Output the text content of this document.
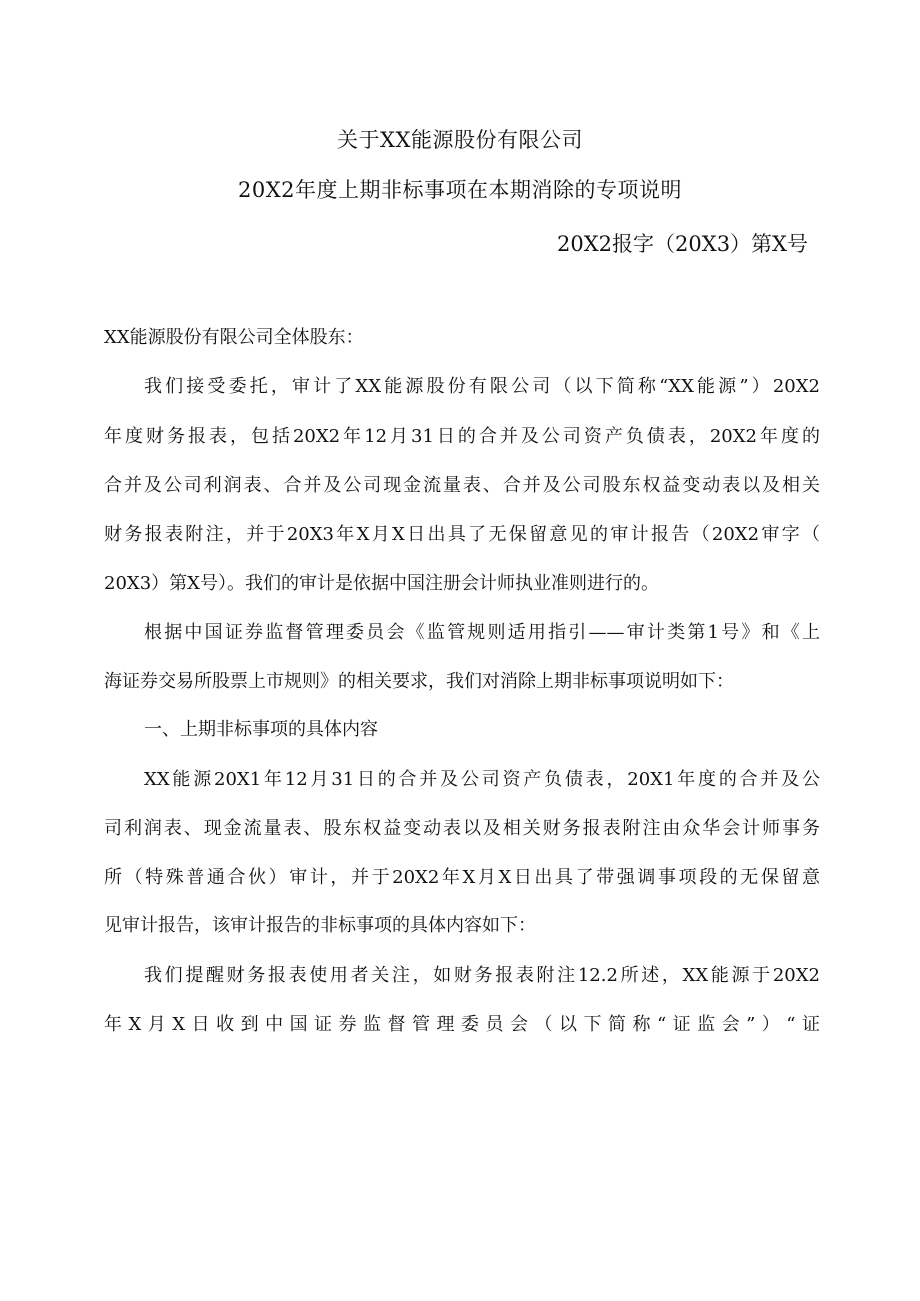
关于XX能源股份有限公司
20X2年度上期非标事项在本期消除的专项说明
20X2报字（20X3）第X号
XX能源股份有限公司全体股东：
我们接受委托，审计了XX能源股份有限公司（以下简称“XX能源”）20X2
年度财务报表，包括20X2年12月31日的合并及公司资产负债表，20X2年度的
合并及公司利润表、合并及公司现金流量表、合并及公司股东权益变动表以及相关
财务报表附注，并于20X3年X月X日出具了无保留意见的审计报告（20X2审字（
20X3）第X号）。我们的审计是依据中国注册会计师执业准则进行的。
根据中国证券监督管理委员会《监管规则适用指引——审计类第1号》和《上
海证券交易所股票上市规则》的相关要求，我们对消除上期非标事项说明如下：
一、上期非标事项的具体内容
XX能源20X1年12月31日的合并及公司资产负债表，20X1年度的合并及公
司利润表、现金流量表、股东权益变动表以及相关财务报表附注由众华会计师事务
所（特殊普通合伙）审计，并于20X2年X月X日出具了带强调事项段的无保留意
见审计报告，该审计报告的非标事项的具体内容如下：
我们提醒财务报表使用者关注，如财务报表附注12.2所述，XX能源于20X2
年X月X日收到中国证券监督管理委员会（以下简称“证监会”）“证
